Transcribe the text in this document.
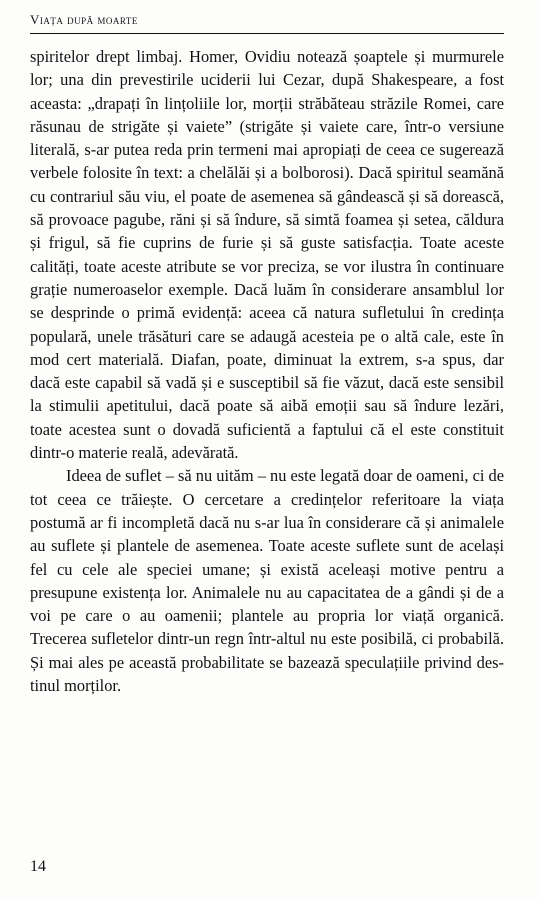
Viața după moarte

spiritelor drept limbaj. Homer, Ovidiu notează șoaptele și murmurele lor; una din prevestirile uciderii lui Cezar, după Shakespeare, a fost aceasta: „drapați în lințoliile lor, morții străbăteau străzile Romei, care răsunau de strigăte și vaiete” (strigăte și vaiete care, într-o versiune literală, s-ar putea reda prin termeni mai apropiați de ceea ce sugerează verbele folosite în text: a chelălăi și a bolborosi). Dacă spiritul seamănă cu contrariul său viu, el poate de asemenea să gândească și să dorească, să provoace pagube, răni și să îndure, să simtă foamea și setea, căldura și frigul, să fie cuprins de furie și să guste satisfacția. Toate aceste calități, toate aceste atribute se vor preciza, se vor ilustra în continuare grație numeroaselor exemple. Dacă luăm în considerare ansamblul lor se desprinde o primă evidență: aceea că natura sufletului în credința populară, unele trăsături care se adaugă acesteia pe o altă cale, este în mod cert materială. Diafan, poate, diminuat la extrem, s-a spus, dar dacă este capabil să vadă și e susceptibil să fie văzut, dacă este sensibil la stimulii apetitului, dacă poate să aibă emoții sau să îndure lezări, toate acestea sunt o dovadă suficientă a faptului că el este constituit dintr-o materie reală, adevărată.

Ideea de suflet – să nu uităm – nu este legată doar de oameni, ci de tot ceea ce trăiește. O cercetare a credințelor referitoare la viața postumă ar fi incompletă dacă nu s-ar lua în considerare că și animalele au suflete și plantele de asemenea. Toate aceste suflete sunt de același fel cu cele ale speciei umane; și există aceleași motive pentru a presupune existența lor. Animalele nu au capacitatea de a gândi și de a voi pe care o au oamenii; plantele au propria lor viață organică. Trecerea sufletelor dintr-un regn într-altul nu este posibilă, ci probabilă. Și mai ales pe această probabilitate se bazează speculațiile privind destinul morților.

14
